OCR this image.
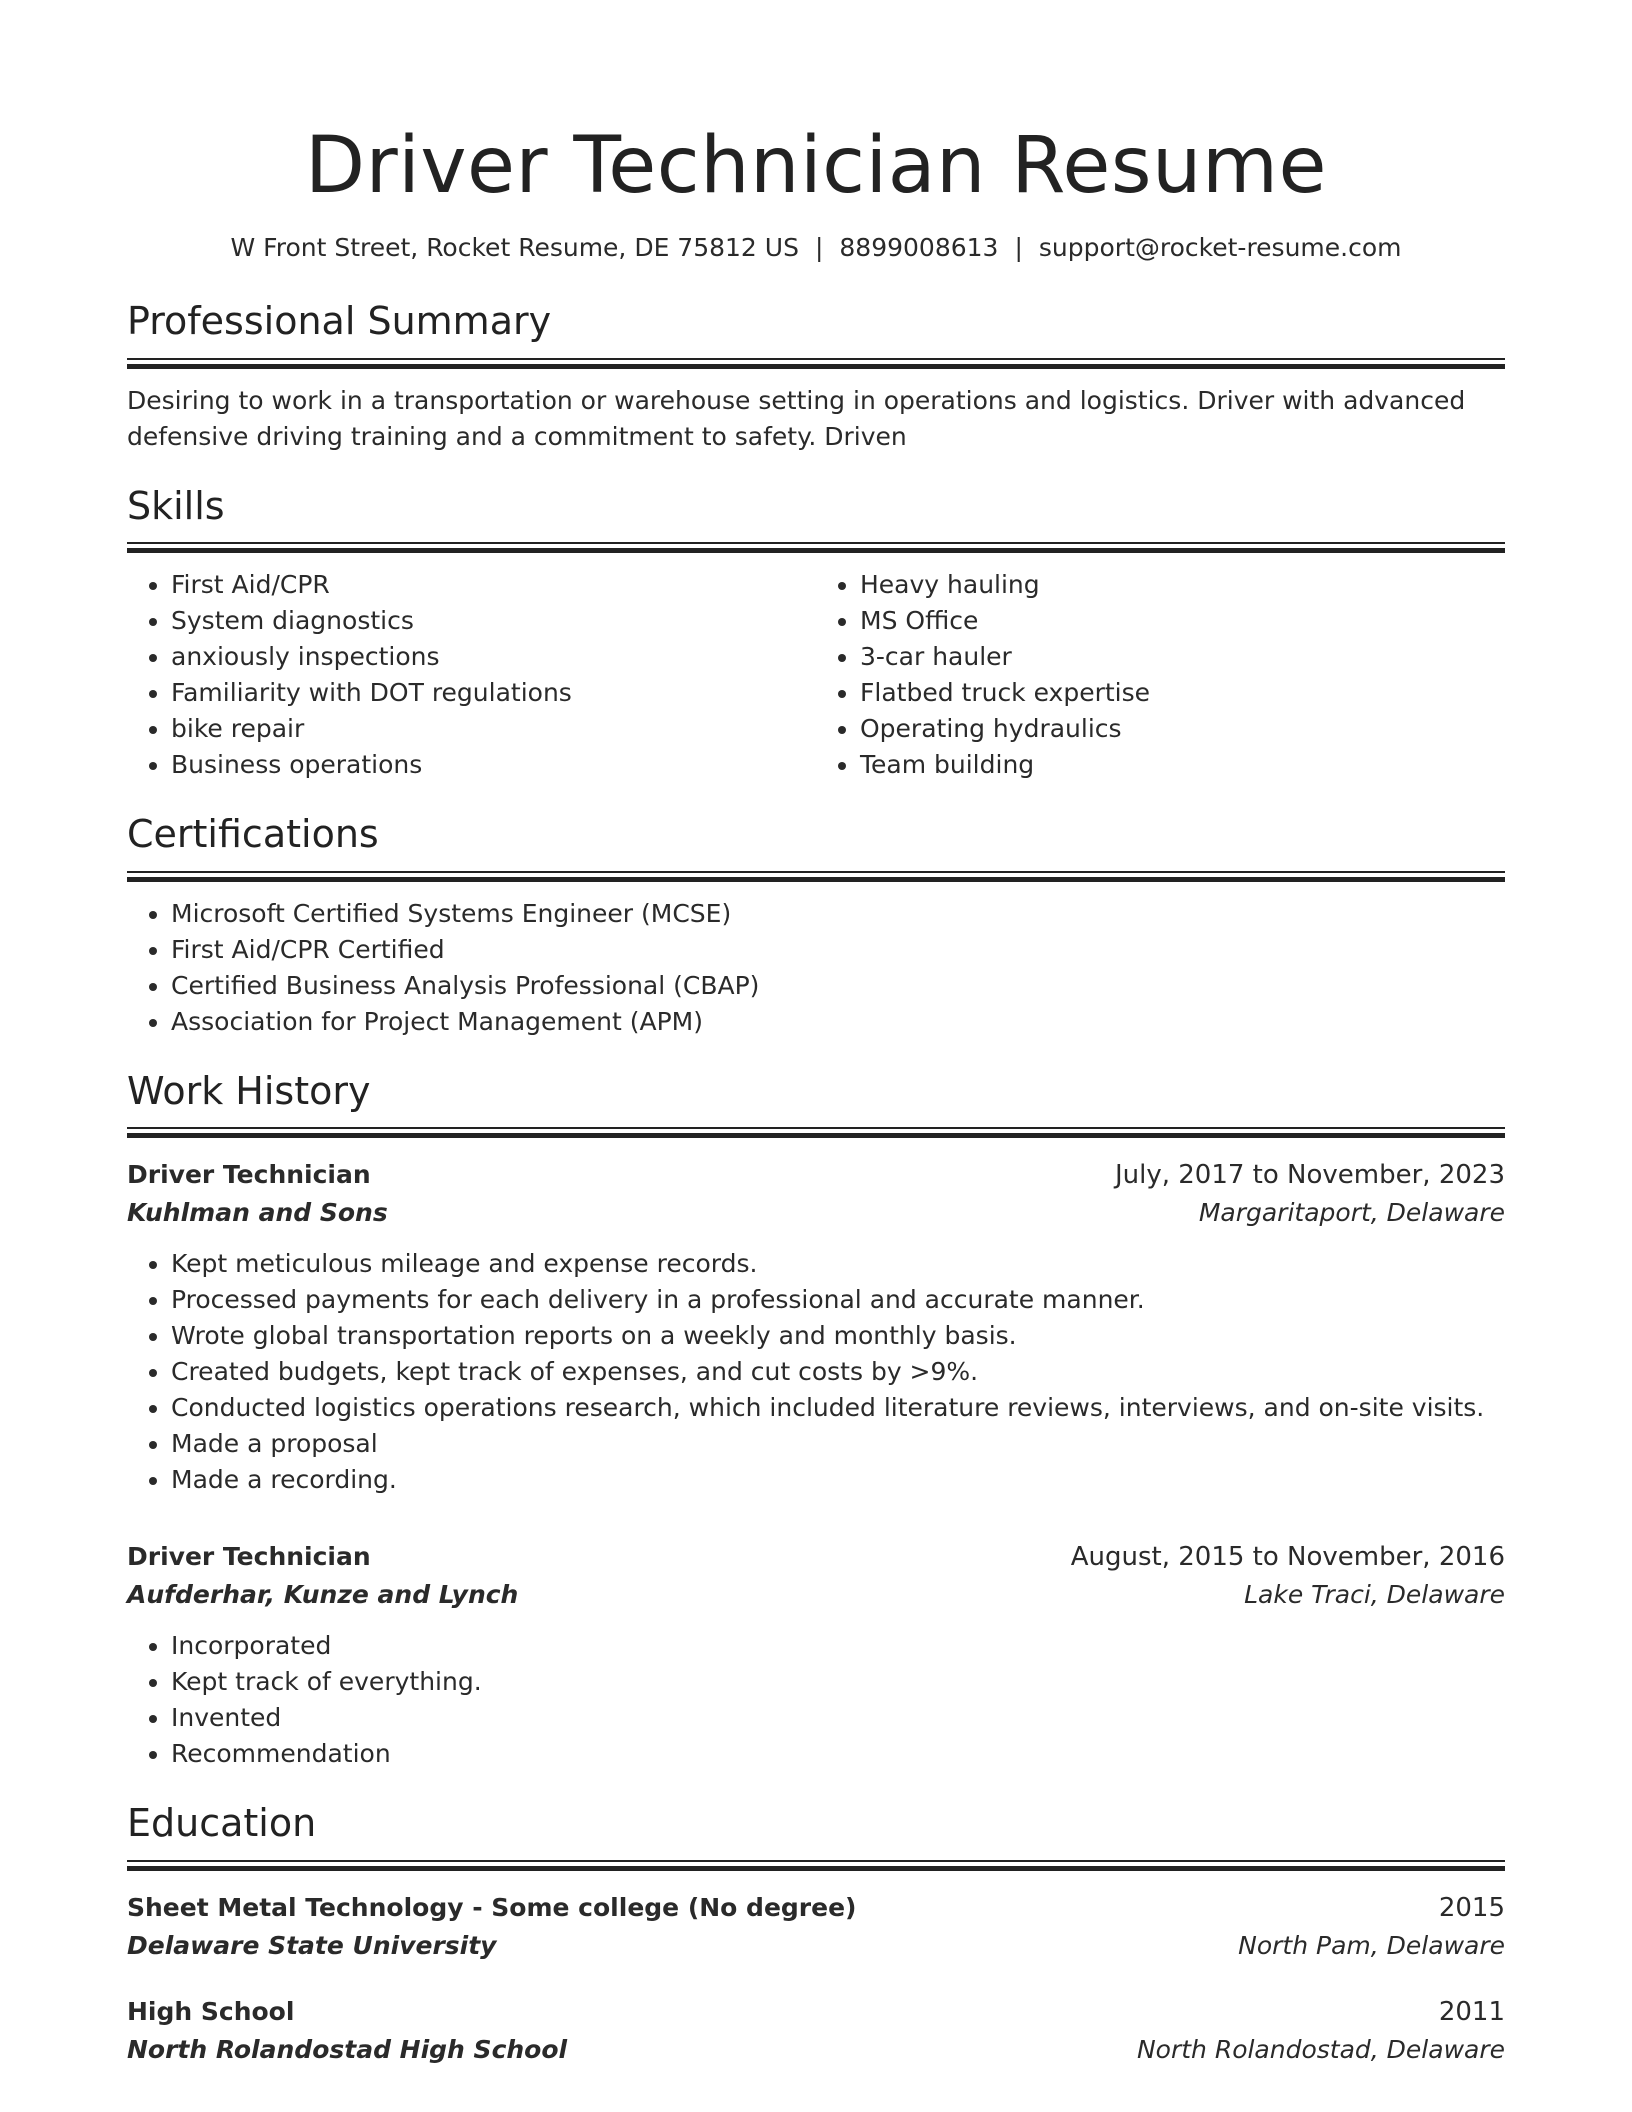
Driver Technician Resume
W Front Street, Rocket Resume, DE 75812 US | 8899008613 | support@rocket-resume.com
Professional Summary
Desiring to work in a transportation or warehouse setting in operations and logistics. Driver with advanced defensive driving training and a commitment to safety. Driven
Skills
• First Aid/CPR
• System diagnostics
• anxiously inspections
• Familiarity with DOT regulations
• bike repair
• Business operations
• Heavy hauling
• MS Office
• 3-car hauler
• Flatbed truck expertise
• Operating hydraulics
• Team building
Certifications
• Microsoft Certified Systems Engineer (MCSE)
• First Aid/CPR Certified
• Certified Business Analysis Professional (CBAP)
• Association for Project Management (APM)
Work History
Driver Technician	July, 2017 to November, 2023
Kuhlman and Sons	Margaritaport, Delaware
• Kept meticulous mileage and expense records.
• Processed payments for each delivery in a professional and accurate manner.
• Wrote global transportation reports on a weekly and monthly basis.
• Created budgets, kept track of expenses, and cut costs by >9%.
• Conducted logistics operations research, which included literature reviews, interviews, and on-site visits.
• Made a proposal
• Made a recording.
Driver Technician	August, 2015 to November, 2016
Aufderhar, Kunze and Lynch	Lake Traci, Delaware
• Incorporated
• Kept track of everything.
• Invented
• Recommendation
Education
Sheet Metal Technology - Some college (No degree)	2015
Delaware State University	North Pam, Delaware
High School	2011
North Rolandostad High School	North Rolandostad, Delaware
